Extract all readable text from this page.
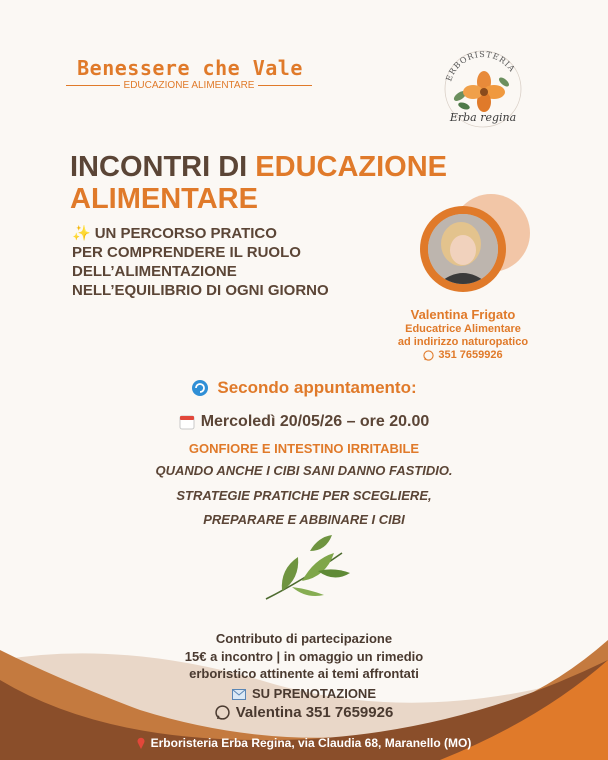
Benessere che Vale
EDUCAZIONE ALIMENTARE
ERBORISTERIA
Erba regina
INCONTRI DI EDUCAZIONE
ALIMENTARE
✨ UN PERCORSO PRATICO
PER COMPRENDERE IL RUOLO
DELL’ALIMENTAZIONE
NELL’EQUILIBRIO DI OGNI GIORNO
Valentina Frigato
Educatrice Alimentare
ad indirizzo naturopatico
351 7659926
Secondo appuntamento:
Mercoledì 20/05/26 – ore 20.00
GONFIORE E INTESTINO IRRITABILE
QUANDO ANCHE I CIBI SANI DANNO FASTIDIO.
STRATEGIE PRATICHE PER SCEGLIERE,
PREPARARE E ABBINARE I CIBI
Contributo di partecipazione
15€ a incontro | in omaggio un rimedio
erboristico attinente ai temi affrontati
SU PRENOTAZIONE
Valentina 351 7659926
Erboristeria Erba Regina, via Claudia 68, Maranello (MO)
